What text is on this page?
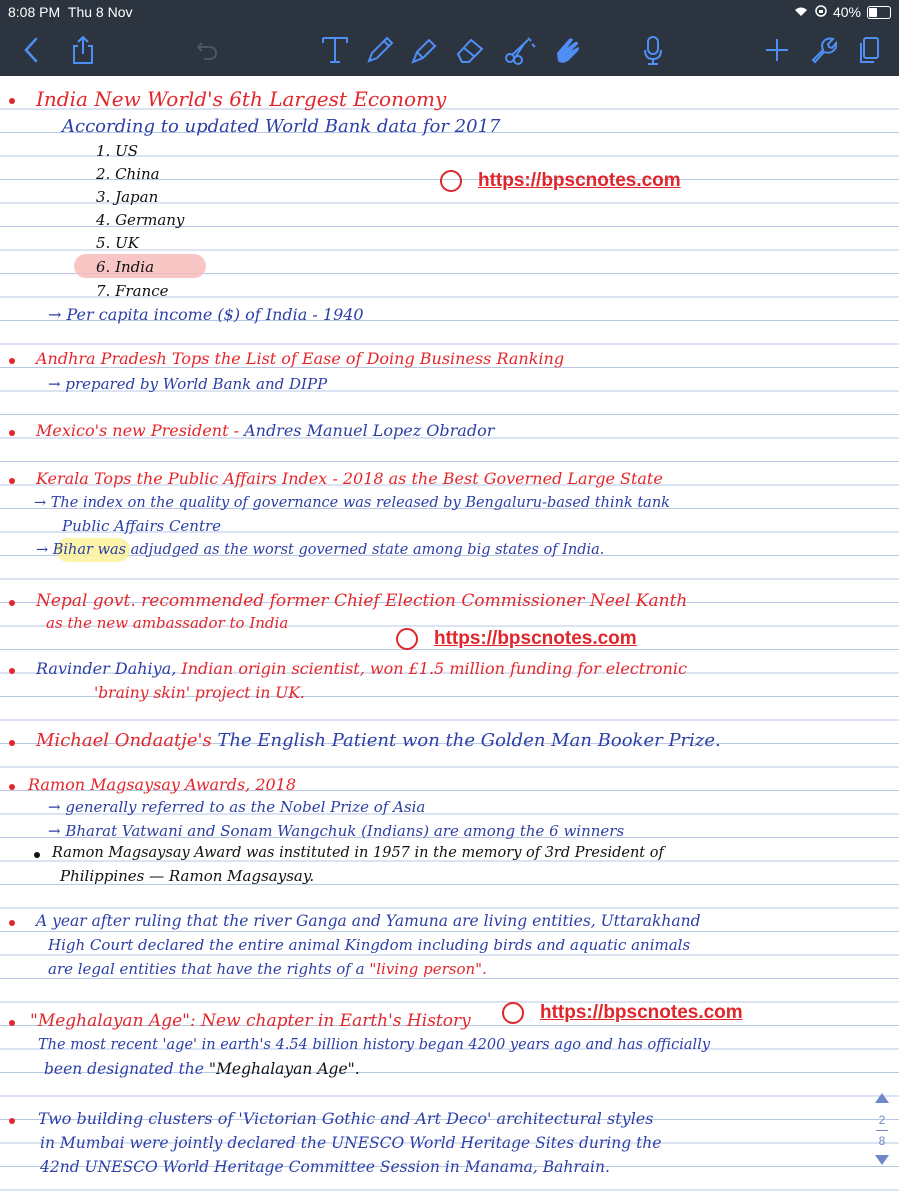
8:08 PM Thu 8 Nov	40%
India New World's 6th Largest Economy
According to updated World Bank data for 2017
1. US
2. China
3. Japan
4. Germany
5. UK
6. India
7. France
→ Per capita income ($) of India - 1940
https://bpscnotes.com
Andhra Pradesh Tops the List of Ease of Doing Business Ranking
→ prepared by World Bank and DIPP
Mexico's new President - Andres Manuel Lopez Obrador
Kerala Tops the Public Affairs Index - 2018 as the Best Governed Large State
→ The index on the quality of governance was released by Bengaluru-based think tank
Public Affairs Centre
→ Bihar was adjudged as the worst governed state among big states of India.
Nepal govt. recommended former Chief Election Commissioner Neel Kanth
as the new ambassador to India
https://bpscnotes.com
Ravinder Dahiya, Indian origin scientist, won £1.5 million funding for electronic
'brainy skin' project in UK.
Michael Ondaatje's The English Patient won the Golden Man Booker Prize.
Ramon Magsaysay Awards, 2018
→ generally referred to as the Nobel Prize of Asia
→ Bharat Vatwani and Sonam Wangchuk (Indians) are among the 6 winners
Ramon Magsaysay Award was instituted in 1957 in the memory of 3rd President of
Philippines — Ramon Magsaysay.
A year after ruling that the river Ganga and Yamuna are living entities, Uttarakhand
High Court declared the entire animal Kingdom including birds and aquatic animals
are legal entities that have the rights of a "living person".
"Meghalayan Age": New chapter in Earth's History	https://bpscnotes.com
The most recent 'age' in earth's 4.54 billion history began 4200 years ago and has officially
been designated the "Meghalayan Age".
Two building clusters of 'Victorian Gothic and Art Deco' architectural styles
in Mumbai were jointly declared the UNESCO World Heritage Sites during the
42nd UNESCO World Heritage Committee Session in Manama, Bahrain.
2
8
